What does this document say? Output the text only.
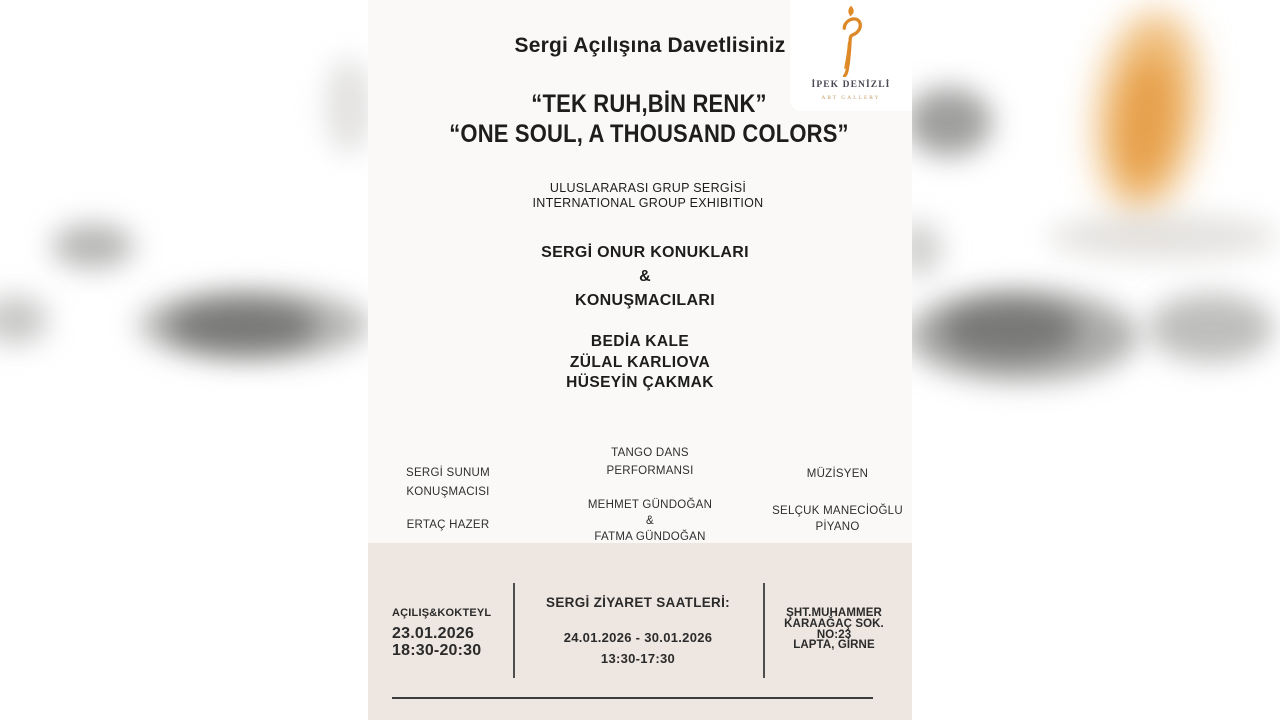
İPEK DENİZLİ
ART GALLERY
Sergi Açılışına Davetlisiniz
“TEK RUH,BİN RENK”
“ONE SOUL, A THOUSAND COLORS”
ULUSLARARASI GRUP SERGİSİ
INTERNATIONAL GROUP EXHIBITION
SERGİ ONUR KONUKLARI
&
KONUŞMACILARI
BEDİA KALE
ZÜLAL KARLIOVA
HÜSEYİN ÇAKMAK
SERGİ SUNUM
KONUŞMACISI
ERTAÇ HAZER
TANGO DANS
PERFORMANSI
MEHMET GÜNDOĞAN
&
FATMA GÜNDOĞAN
MÜZİSYEN
SELÇUK MANECİOĞLU
PİYANO
AÇILIŞ&KOKTEYL
23.01.2026
18:30-20:30
SERGİ ZİYARET SAATLERİ:
24.01.2026 - 30.01.2026
13:30-17:30
ŞHT.MUHAMMER
KARAAĞAÇ SOK.
NO:23
LAPTA, GİRNE
